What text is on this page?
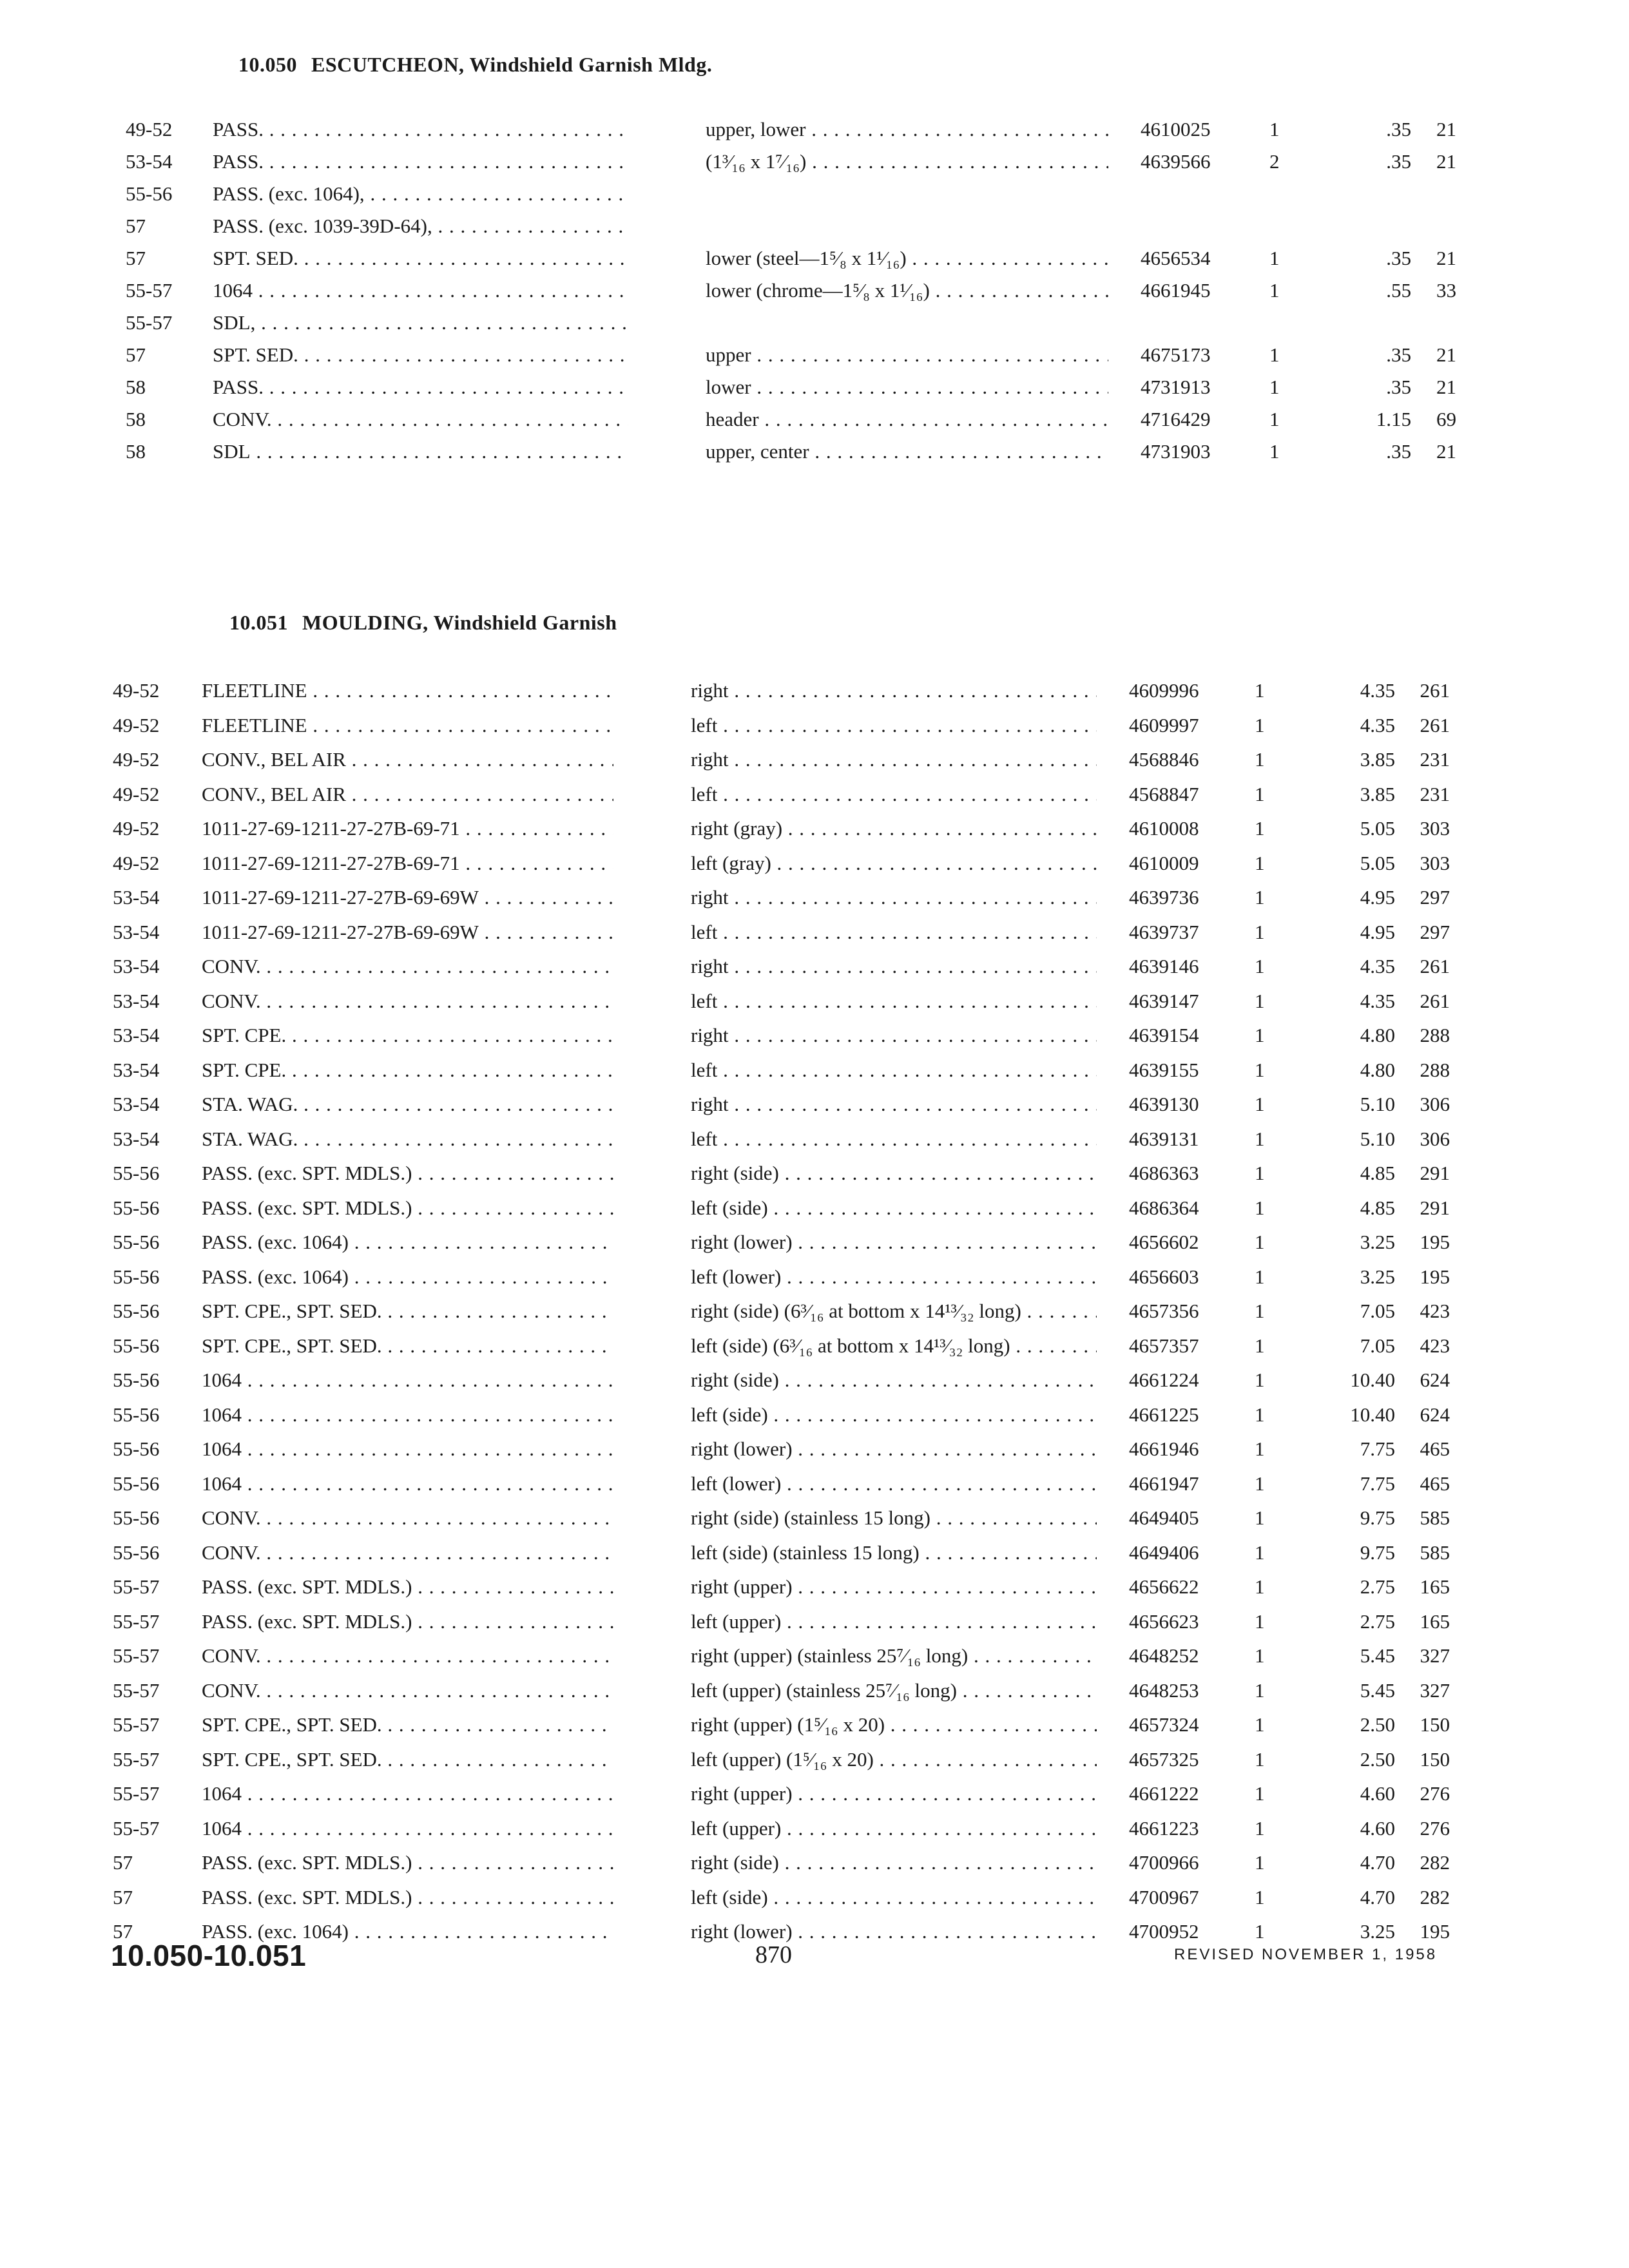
10.050 ESCUTCHEON, Windshield Garnish Mldg.
49-52	PASS. . . .	upper, lower . . .	4610025	1	.35	21
53-54	PASS. . . .	(1³⁄₁₆ x 1⁷⁄₁₆) . . .	4639566	2	.35	21
55-56	PASS. (exc. 1064), . . .
57	PASS. (exc. 1039-39D-64), . . .
57	SPT. SED. . . .	lower (steel—1⁵⁄₈ x 1¹⁄₁₆) . . .	4656534	1	.35	21
55-57	1064 . . .	lower (chrome—1⁵⁄₈ x 1¹⁄₁₆) . . .	4661945	1	.55	33
55-57	SDL, . . .
57	SPT. SED. . . .	upper . . .	4675173	1	.35	21
58	PASS. . . .	lower . . .	4731913	1	.35	21
58	CONV. . . .	header . . .	4716429	1	1.15	69
58	SDL . . .	upper, center . . .	4731903	1	.35	21
10.051 MOULDING, Windshield Garnish
49-52	FLEETLINE . . .	right . . .	4609996	1	4.35	261
49-52	FLEETLINE . . .	left . . .	4609997	1	4.35	261
49-52	CONV., BEL AIR . . .	right . . .	4568846	1	3.85	231
49-52	CONV., BEL AIR . . .	left . . .	4568847	1	3.85	231
49-52	1011-27-69-1211-27-27B-69-71 . . .	right (gray) . . .	4610008	1	5.05	303
49-52	1011-27-69-1211-27-27B-69-71 . . .	left (gray) . . .	4610009	1	5.05	303
53-54	1011-27-69-1211-27-27B-69-69W . . .	right . . .	4639736	1	4.95	297
53-54	1011-27-69-1211-27-27B-69-69W . . .	left . . .	4639737	1	4.95	297
53-54	CONV. . . .	right . . .	4639146	1	4.35	261
53-54	CONV. . . .	left . . .	4639147	1	4.35	261
53-54	SPT. CPE. . . .	right . . .	4639154	1	4.80	288
53-54	SPT. CPE. . . .	left . . .	4639155	1	4.80	288
53-54	STA. WAG. . . .	right . . .	4639130	1	5.10	306
53-54	STA. WAG. . . .	left . . .	4639131	1	5.10	306
55-56	PASS. (exc. SPT. MDLS.) . . .	right (side) . . .	4686363	1	4.85	291
55-56	PASS. (exc. SPT. MDLS.) . . .	left (side) . . .	4686364	1	4.85	291
55-56	PASS. (exc. 1064) . . .	right (lower) . . .	4656602	1	3.25	195
55-56	PASS. (exc. 1064) . . .	left (lower) . . .	4656603	1	3.25	195
55-56	SPT. CPE., SPT. SED. . . .	right (side) (6³⁄₁₆ at bottom x 14¹³⁄₃₂ long) . . .	4657356	1	7.05	423
55-56	SPT. CPE., SPT. SED. . . .	left (side) (6³⁄₁₆ at bottom x 14¹³⁄₃₂ long) . . .	4657357	1	7.05	423
55-56	1064 . . .	right (side) . . .	4661224	1	10.40	624
55-56	1064 . . .	left (side) . . .	4661225	1	10.40	624
55-56	1064 . . .	right (lower) . . .	4661946	1	7.75	465
55-56	1064 . . .	left (lower) . . .	4661947	1	7.75	465
55-56	CONV. . . .	right (side) (stainless 15 long) . . .	4649405	1	9.75	585
55-56	CONV. . . .	left (side) (stainless 15 long) . . .	4649406	1	9.75	585
55-57	PASS. (exc. SPT. MDLS.) . . .	right (upper) . . .	4656622	1	2.75	165
55-57	PASS. (exc. SPT. MDLS.) . . .	left (upper) . . .	4656623	1	2.75	165
55-57	CONV. . . .	right (upper) (stainless 25⁷⁄₁₆ long) . . .	4648252	1	5.45	327
55-57	CONV. . . .	left (upper) (stainless 25⁷⁄₁₆ long) . . .	4648253	1	5.45	327
55-57	SPT. CPE., SPT. SED. . . .	right (upper) (1⁵⁄₁₆ x 20) . . .	4657324	1	2.50	150
55-57	SPT. CPE., SPT. SED. . . .	left (upper) (1⁵⁄₁₆ x 20) . . .	4657325	1	2.50	150
55-57	1064 . . .	right (upper) . . .	4661222	1	4.60	276
55-57	1064 . . .	left (upper) . . .	4661223	1	4.60	276
57	PASS. (exc. SPT. MDLS.) . . .	right (side) . . .	4700966	1	4.70	282
57	PASS. (exc. SPT. MDLS.) . . .	left (side) . . .	4700967	1	4.70	282
57	PASS. (exc. 1064) . . .	right (lower) . . .	4700952	1	3.25	195
10.050-10.051	870	REVISED NOVEMBER 1, 1958
